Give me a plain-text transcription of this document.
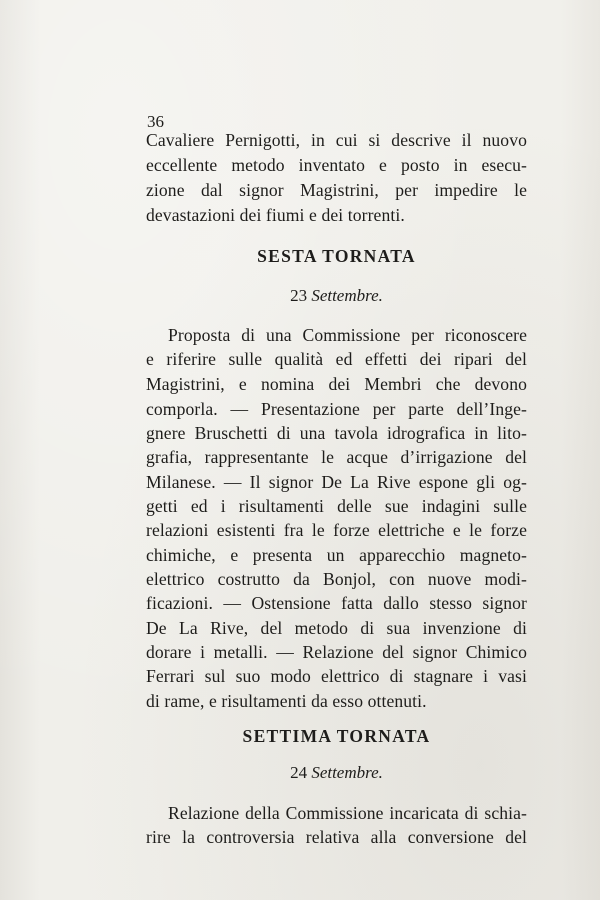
36
Cavaliere Pernigotti, in cui si descrive il nuovo
eccellente metodo inventato e posto in esecu-
zione dal signor Magistrini, per impedire le
devastazioni dei fiumi e dei torrenti.
SESTA TORNATA
23 Settembre.
Proposta di una Commissione per riconoscere
e riferire sulle qualità ed effetti dei ripari del
Magistrini, e nomina dei Membri che devono
comporla. — Presentazione per parte dell’Inge-
gnere Bruschetti di una tavola idrografica in lito-
grafia, rappresentante le acque d’irrigazione del
Milanese. — Il signor De La Rive espone gli og-
getti ed i risultamenti delle sue indagini sulle
relazioni esistenti fra le forze elettriche e le forze
chimiche, e presenta un apparecchio magneto-
elettrico costrutto da Bonjol, con nuove modi-
ficazioni. — Ostensione fatta dallo stesso signor
De La Rive, del metodo di sua invenzione di
dorare i metalli. — Relazione del signor Chimico
Ferrari sul suo modo elettrico di stagnare i vasi
di rame, e risultamenti da esso ottenuti.
SETTIMA TORNATA
24 Settembre.
Relazione della Commissione incaricata di schia-
rire la controversia relativa alla conversione del
